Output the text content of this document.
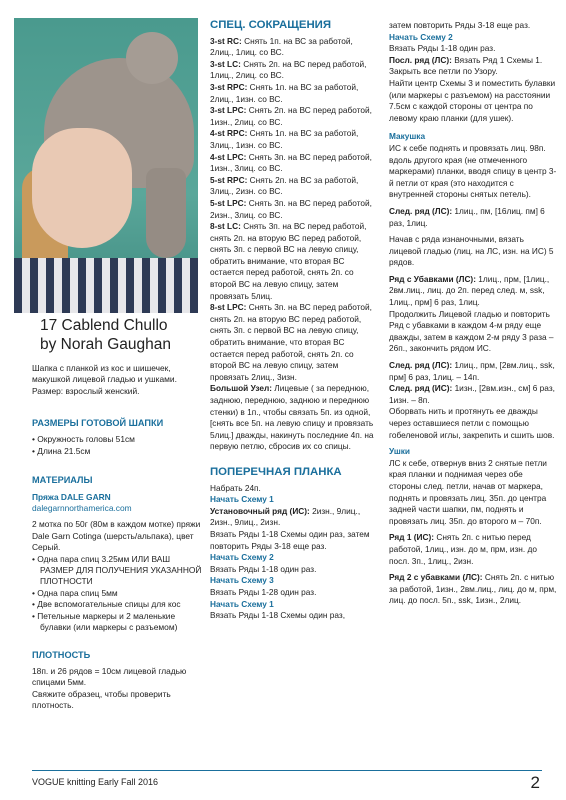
17 Cablend Chullo
by Norah Gaughan
Шапка с планкой из кос и шишечек, макушкой лицевой гладью и ушками. Размер: взрослый женский.
РАЗМЕРЫ ГОТОВОЙ ШАПКИ
• Окружность головы 51см
• Длина 21.5см
МАТЕРИАЛЫ
Пряжа DALE GARN
dalegarnnorthamerica.com
2 мотка по 50г (80м в каждом мотке) пряжи Dale Garn Cotinga (шерсть/альпака), цвет Серый.
• Одна пара спиц 3.25мм ИЛИ ВАШ РАЗМЕР ДЛЯ ПОЛУЧЕНИЯ УКАЗАННОЙ ПЛОТНОСТИ
• Одна пара спиц 5мм
• Две вспомогательные спицы для кос
• Петельные маркеры и 2 маленькие булавки (или маркеры с разъемом)
ПЛОТНОСТЬ
18п. и 26 рядов = 10см лицевой гладью спицами 5мм.
Свяжите образец, чтобы проверить плотность.
СПЕЦ. СОКРАЩЕНИЯ
3-st RC: Снять 1п. на ВС за работой, 2лиц., 1лиц. со ВС.
3-st LC: Снять 2п. на ВС перед работой, 1лиц., 2лиц. со ВС.
3-st RPC: Снять 1п. на ВС за работой, 2лиц., 1изн. со ВС.
3-st LPC: Снять 2п. на ВС перед работой, 1изн., 2лиц. со ВС.
4-st RPC: Снять 1п. на ВС за работой, 3лиц., 1изн. со ВС.
4-st LPC: Снять 3п. на ВС перед работой, 1изн., 3лиц. со ВС.
5-st RPC: Снять 2п. на ВС за работой, 3лиц., 2изн. со ВС.
5-st LPC: Снять 3п. на ВС перед работой, 2изн., 3лиц. со ВС.
8-st LC: Снять 3п. на ВС перед работой, снять 2п. на вторую ВС перед работой, снять 3п. с первой ВС на левую спицу, обратить внимание, что вторая ВС остается перед работой, снять 2п. со второй ВС на левую спицу, затем провязать 5лиц.
8-st LPC: Снять 3п. на ВС перед работой, снять 2п. на вторую ВС перед работой, снять 3п. с первой ВС на левую спицу, обратить внимание, что вторая ВС остается перед работой, снять 2п. со второй ВС на левую спицу, затем провязать 2лиц., 3изн.
Большой Узел: Лицевые ( за переднюю, заднюю, переднюю, заднюю и переднюю стенки) в 1п., чтобы связать 5п. из одной, [снять все 5п. на левую спицу и провязать 5лиц.] дважды, накинуть последние 4п. на первую петлю, сбросив их со спицы.
ПОПЕРЕЧНАЯ ПЛАНКА
Набрать 24п.
Начать Схему 1
Установочный ряд (ИС): 2изн., 9лиц., 2изн., 9лиц., 2изн.
Вязать Ряды 1-18 Схемы один раз, затем повторить Ряды 3-18 еще раз.
Начать Схему 2
Вязать Ряды 1-18 один раз.
Начать Схему 3
Вязать Ряды 1-28 один раз.
Начать Схему 1
Вязать Ряды 1-18 Схемы один раз,
затем повторить Ряды 3-18 еще раз.
Начать Схему 2
Вязать Ряды 1-18 один раз.
Посл. ряд (ЛС): Вязать Ряд 1 Схемы 1. Закрыть все петли по Узору.
Найти центр Схемы 3 и поместить булавки (или маркеры с разъемом) на расстоянии 7.5см с каждой стороны от центра по левому краю планки (для ушек).
Макушка
ИС к себе поднять и провязать лиц. 98п. вдоль другого края (не отмеченного маркерами) планки, вводя спицу в центр 3-й петли от края (это находится с внутренней стороны снятых петель).
След. ряд (ЛС): 1лиц., пм, [16лиц. пм] 6 раз, 1лиц.
Начав с ряда изнаночными, вязать лицевой гладью (лиц. на ЛС, изн. на ИС) 5 рядов.
Ряд с Убавками (ЛС): 1лиц., прм, [1лиц., 2вм.лиц., лиц. до 2п. перед след. м, ssk, 1лиц., прм] 6 раз, 1лиц.
Продолжить Лицевой гладью и повторить Ряд с убавками в каждом 4-м ряду еще дважды, затем в каждом 2-м ряду 3 раза – 26п., закончить рядом ИС.
След. ряд (ЛС): 1лиц., прм, [2вм.лиц., ssk, прм] 6 раз, 1лиц. – 14п.
След. ряд (ИС): 1изн., [2вм.изн., см] 6 раз, 1изн. – 8п.
Оборвать нить и протянуть ее дважды через оставшиеся петли с помощью гобеленовой иглы, закрепить и сшить шов.
Ушки
ЛС к себе, отвернув вниз 2 снятые петли края планки и поднимая через обе стороны след. петли, начав от маркера, поднять и провязать лиц. 35п. до центра задней части шапки, пм, поднять и провязать лиц. 35п. до второго м – 70п.
Ряд 1 (ИС): Снять 2п. с нитью перед работой, 1лиц., изн. до м, прм, изн. до посл. 3п., 1лиц., 2изн.
Ряд 2 с убавками (ЛС): Снять 2п. с нитью за работой, 1изн., 2вм.лиц., лиц. до м, прм, лиц. до посл. 5п., ssk, 1изн., 2лиц.
VOGUE knitting Early Fall 2016	2
